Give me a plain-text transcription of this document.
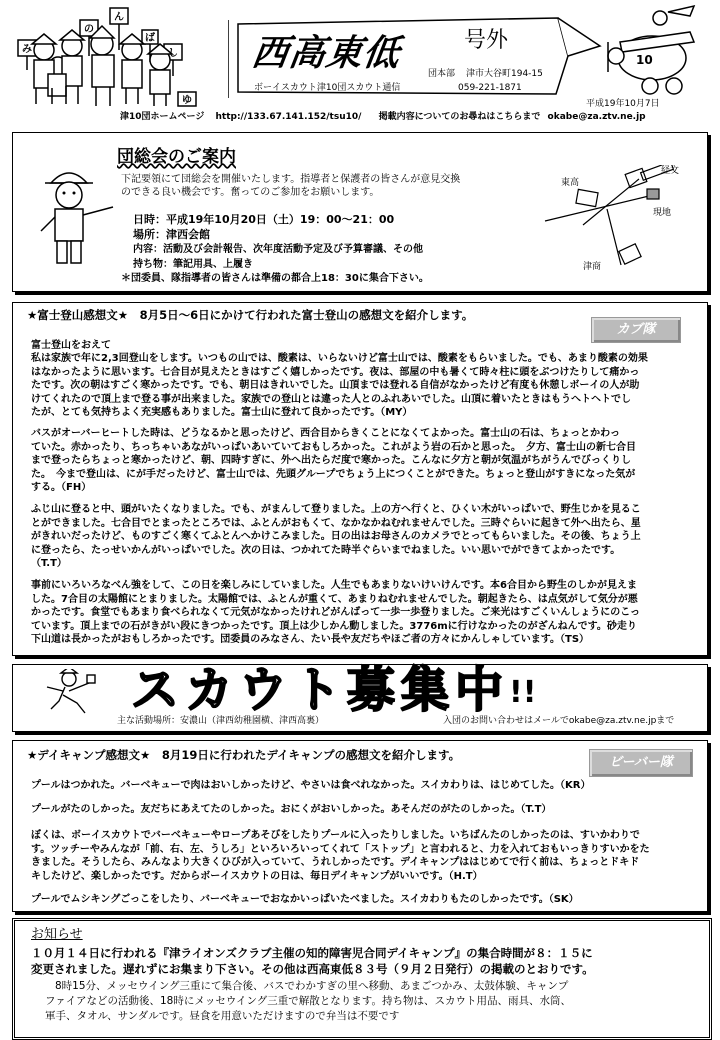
ん
の
み	し
ゆ
ば	西高東低	号外
ボーイスカウト津10団スカウト通信
団本部 津市大谷町194-15
059-221-1871
10
平成19年10月7日
津10団ホームページ http://133.67.141.152/tsu10/ 掲載内容についてのお尋ねはこちらまで okabe@za.ztv.ne.jp
団総会のご案内
下記要領にて団総会を開催いたします。指導者と保護者の皆さんが意見交換
のできる良い機会です。奮ってのご参加をお願いします。
日時：平成19年10月20日（土）19：00～21：00
場所：津西会館
内容：活動及び会計報告、次年度活動予定及び予算審議、その他
持ち物：筆記用具、上履き
＊団委員、隊指導者の皆さんは準備の都合上18：30に集合下さい。
東高
経文
現地
津商
★富士登山感想文★　8月5日～6日にかけて行われた富士登山の感想文を紹介します。
カブ隊
富士登山をおえて
私は家族で年に2,3回登山をします。いつもの山では、酸素は、いらないけど富士山では、酸素をもらいました。でも、あまり酸素の効果
はなかったように思います。七合目が見えたときはすごく嬉しかったです。夜は、部屋の中も暑くて時々柱に頭をぶつけたりして痛かっ
たです。次の朝はすごく寒かったです。でも、朝日はきれいでした。山頂までは登れる自信がなかったけど有度も休憩しボーイの人が助
けてくれたので頂上まで登る事が出来ました。家族での登山とは違った人とのふれあいでした。山頂に着いたときはもうへトヘトでし
たが、とても気持ちよく充実感もありました。富士山に登れて良かったです。（MY）
バスがオーバーヒートした時は、どうなるかと思ったけど、西合目からきくことになくてよかった。富士山の石は、ちょっとかわっ
ていた。赤かったり、ちっちゃいあながいっぱいあいていておもしろかった。これがよう岩の石かと思った。　夕方、富士山の新七合目
まで登ったらちょっと寒かったけど、朝、四時すぎに、外へ出たらだ度で寒かった。こんなに夕方と朝が気温がちがうんでびっくりし
た。　今まで登山は、にが手だったけど、富士山では、先頭グループでちょう上につくことができた。ちょっと登山がすきになった気が
する。（FH）
ふじ山に登ると中、頭がいたくなりました。でも、がまんして登りました。上の方へ行くと、ひくい木がいっぱいで、野生じかを見るこ
とができました。七合目でとまったところでは、ふとんがおもくて、なかなかねむれませんでした。三時ぐらいに起きて外へ出たら、星
がきれいだったけど、ものすごく寒くてふとんへかけこみました。日の出はお母さんのカメラでとってもらいました。その後、ちょう上
に登ったら、たっせいかんがいっぱいでした。次の日は、つかれてた時半ぐらいまでねました。いい思いでができてよかったです。
（T.T）
事前にいろいろなべん強をして、この日を楽しみにしていました。人生でもあまりないけいけんです。本6合目から野生のしかが見えま
した。7合目の太陽館にとまりました。太陽館では、ふとんが重くて、あまりねむれませんでした。朝起きたら、は点気がして気分が悪
かったです。食堂でもあまり食べられなくて元気がなかったけれどがんばって一歩一歩登りました。ご来光はすごくいんしょうにのこっ
ています。頂上までの石がきがい段にきつかったです。頂上は少しかん動しました。3776mに行けなかったのがざんねんです。砂走り
下山道は長かったがおもしろかったです。団委員のみなさん、たい長や友だちやほご者の方々にかんしゃしています。（TS）
スカウト募集中!!
主な活動場所：安濃山（津西幼稚園横、津西高裏）	入団のお問い合わせはメールでokabe@za.ztv.ne.jpまで
★デイキャンプ感想文★　8月19日に行われたデイキャンプの感想文を紹介します。	ビーバー隊
プールはつかれた。バーベキューで肉はおいしかったけど、やさいは食べれなかった。スイカわりは、はじめてした。（KR）
プールがたのしかった。友だちにあえてたのしかった。おにくがおいしかった。あそんだのがたのしかった。（T.T）
ぼくは、ボーイスカウトでバーベキューやロープあそびをしたりプールに入ったりしました。いちばんたのしかったのは、すいかわりで
す。ツッチーやみんなが「前、右、左、うしろ」といろいろいってくれて「ストップ」と言われると、力を入れておもいっきりすいかをた
きました。そうしたら、みんなより大きくひびが入っていて、うれしかったです。デイキャンプははじめてで行く前は、ちょっとドキド
キしたけど、楽しかったです。だからボーイスカウトの日は、毎日デイキャンプがいいです。（H.T）
プールでムシキングごっこをしたり、バーベキューでおなかいっぱいたべました。スイカわりもたのしかったです。（SK）
お知らせ
１０月１４日に行われる『津ライオンズクラブ主催の知的障害児合同デイキャンプ』の集合時間が８：１５に
変更されました。遅れずにお集まり下さい。その他は西高東低８３号（９月２日発行）の掲載のとおりです。
8時15分、メッセウイング三重にて集合後、バスでわかすぎの里へ移動、あまごつかみ、太鼓体験、キャンプ
ファイアなどの活動後、18時にメッセウイング三重で解散となります。持ち物は、スカウト用品、雨具、水筒、
軍手、タオル、サンダルです。昼食を用意いただけますので弁当は不要です
